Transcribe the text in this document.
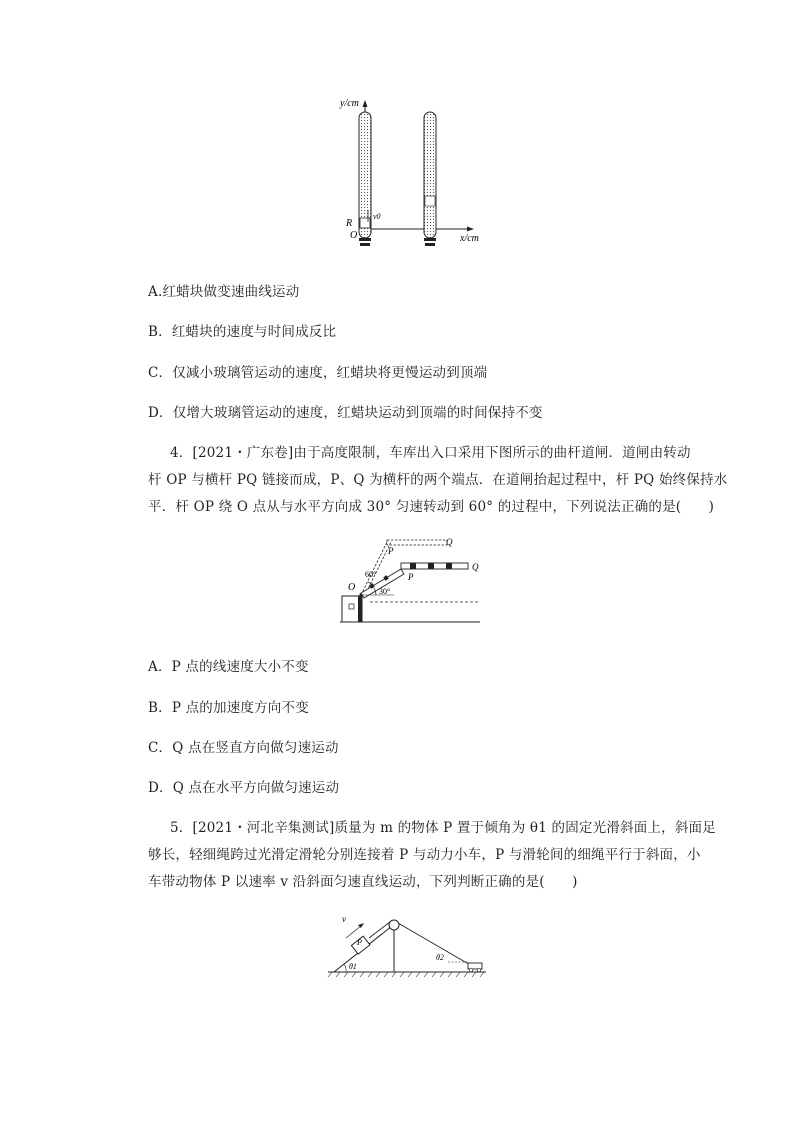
y/cm
x/cm
O
R
v0
A.红蜡块做变速曲线运动
B．红蜡块的速度与时间成反比
C．仅减小玻璃管运动的速度，红蜡块将更慢运动到顶端
D．仅增大玻璃管运动的速度，红蜡块运动到顶端的时间保持不变
4．[2021・广东卷]由于高度限制，车库出入口采用下图所示的曲杆道闸．道闸由转动
杆 OP 与横杆 PQ 链接而成，P、Q 为横杆的两个端点．在道闸抬起过程中，杆 PQ 始终保持水
平．杆 OP 绕 O 点从与水平方向成 30° 匀速转动到 60° 的过程中，下列说法正确的是(　　)
O
P
Q
P
Q
60°
30°
A．P 点的线速度大小不变
B．P 点的加速度方向不变
C．Q 点在竖直方向做匀速运动
D．Q 点在水平方向做匀速运动
5．[2021・河北辛集测试]质量为 m 的物体 P 置于倾角为 θ1 的固定光滑斜面上，斜面足
够长，轻细绳跨过光滑定滑轮分别连接着 P 与动力小车，P 与滑轮间的细绳平行于斜面，小
车带动物体 P 以速率 v 沿斜面匀速直线运动，下列判断正确的是(　　)
v
P
θ1
θ2
